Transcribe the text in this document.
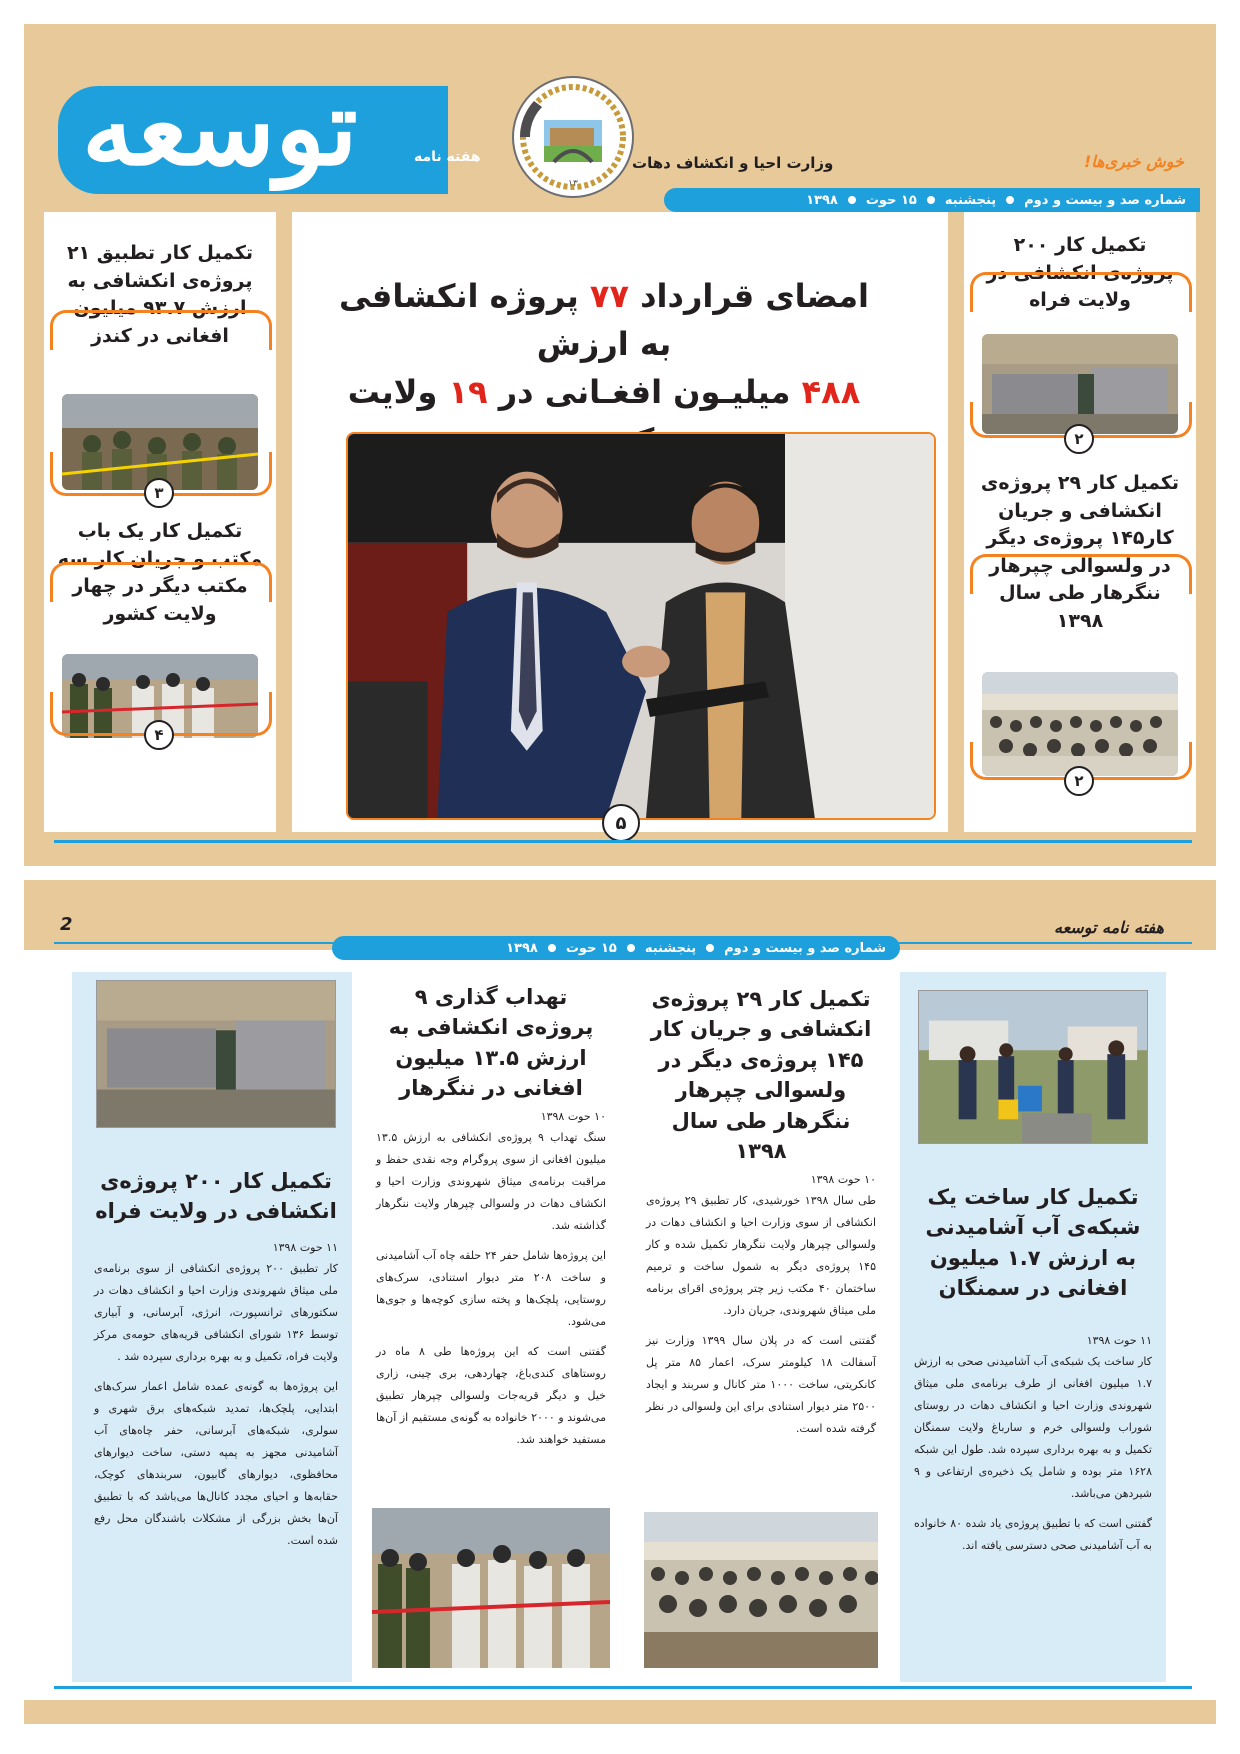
توسعه	هفته نامه
۱۳
وزارت احیا و انکشاف دهات	خوش خبری‌ها!
شماره صد و بیست و دوم
پنجشنبه
۱۵ حوت
۱۳۹۸
تکمیل کار تطبیق ۲۱ پروژه‌ی انکشافی به ارزش ۹۳.۷ میلیون افغانی در کندز
۳
تکمیل کار یک باب مکتب و جریان کار سه مکتب دیگر در چهار ولایت کشور
۴
امضای قرارداد ۷۷ پروژه انکشافی به ارزش
۴۸۸ میلیـون افغـانی در ۱۹ ولایت
۵
تکمیل کار ۲۰۰ پروژه‌ی انکشافی در ولایت فراه
۲
تکمیل کار ۲۹ پروژه‌ی انکشافی و جریان کار۱۴۵ پروژه‌ی دیگر در ولسوالی چپرهار ننگرهار طی سال ۱۳۹۸
۲
2	هفته نامه توسعه
شماره صد و بیست و دوم
پنجشنبه
۱۵ حوت
۱۳۹۸
تکمیل کار ساخت یک شبکه‌ی آب آشامیدنی به ارزش ۱.۷ میلیون افغانی در سمنگان
۱۱ حوت ۱۳۹۸

کار ساخت یک شبکه‌ی آب آشامیدنی صحی به ارزش ۱.۷ میلیون افغانی از طرف برنامه‌ی ملی میثاق شهروندی وزارت احیا و انکشاف دهات در روستای شوراب ولسوالی خرم و سارباغ ولایت سمنگان تکمیل و به بهره برداری سپرده شد. طول این شبکه ۱۶۲۸ متر بوده و شامل یک ذخیره‌ی ارتفاعی و ۹ شیردهن می‌باشد.

گفتنی است که با تطبیق پروژه‌ی یاد شده ۸۰ خانواده به آب آشامیدنی صحی دسترسی یافته اند.

تکمیل کار ۲۹ پروژه‌ی انکشافی و جریان کار ۱۴۵ پروژه‌ی دیگر در ولسوالی چپرهار ننگرهار طی سال ۱۳۹۸
۱۰ حوت ۱۳۹۸

طی سال ۱۳۹۸ خورشیدی، کار تطبیق ۲۹ پروژه‌ی انکشافی از سوی وزارت احیا و انکشاف دهات در ولسوالی چپرهار ولایت ننگرهار تکمیل شده و کار ۱۴۵ پروژه‌ی دیگر به شمول ساخت و ترمیم ساختمان ۴۰ مکتب زیر چتر پروژه‌ی اقرای برنامه ملی میثاق شهروندی، جریان دارد.

گفتنی است که در پلان سال ۱۳۹۹ وزارت نیز آسفالت ۱۸ کیلومتر سرک، اعمار ۸۵ متر پل کانکریتی، ساخت ۱۰۰۰ متر کانال و سربند و ایجاد ۲۵۰۰ متر دیوار استنادی برای این ولسوالی در نظر گرفته شده است.

تهداب گذاری ۹ پروژه‌ی انکشافی به ارزش ۱۳.۵ میلیون افغانی در ننگرهار
۱۰ حوت ۱۳۹۸

سنگ تهداب ۹ پروژه‌ی انکشافی به ارزش ۱۳.۵ میلیون افغانی از سوی پروگرام وجه نقدی حفظ و مراقبت برنامه‌ی میثاق شهروندی وزارت احیا و انکشاف دهات در ولسوالی چپرهار ولایت ننگرهار گذاشته شد.

این پروژه‌ها شامل حفر ۲۴ حلقه چاه آب آشامیدنی و ساخت ۲۰۸ متر دیوار استنادی، سرک‌های روستایی، پلچک‌ها و پخته سازی کوچه‌ها و جوی‌ها می‌شود.

گفتنی است که این پروژه‌ها طی ۸ ماه در روستاهای کندی‌باغ، چهاردهی، بری چینی، زاری خیل و دیگر قریه‌جات ولسوالی چپرهار تطبیق می‌شوند و ۲۰۰۰ خانواده به گونه‌ی مستقیم از آن‌ها مستفید خواهند شد.

تکمیل کار ۲۰۰ پروژه‌ی انکشافی در ولایت فراه
۱۱ حوت ۱۳۹۸

کار تطبیق ۲۰۰ پروژه‌ی انکشافی از سوی برنامه‌ی ملی میثاق شهروندی وزارت احیا و انکشاف دهات در سکتورهای ترانسپورت، انرژی، آبرسانی، و آبیاری توسط ۱۳۶ شورای انکشافی قریه‌های حومه‌ی مرکز ولایت فراه، تکمیل و به بهره برداری سپرده شد .

این پروژه‌ها به گونه‌ی عمده شامل اعمار سرک‌های ابتدایی، پلچک‌ها، تمدید شبکه‌های برق شهری و سولری، شبکه‌های آبرسانی، حفر چاه‌های آب آشامیدنی مجهز به پمپه دستی، ساخت دیوارهای محافظوی، دیوارهای گابیون، سربندهای کوچک، حقابه‌ها و احیای مجدد کانال‌ها می‌باشد که با تطبیق آن‌ها بخش بزرگی از مشکلات باشندگان محل رفع شده است.
